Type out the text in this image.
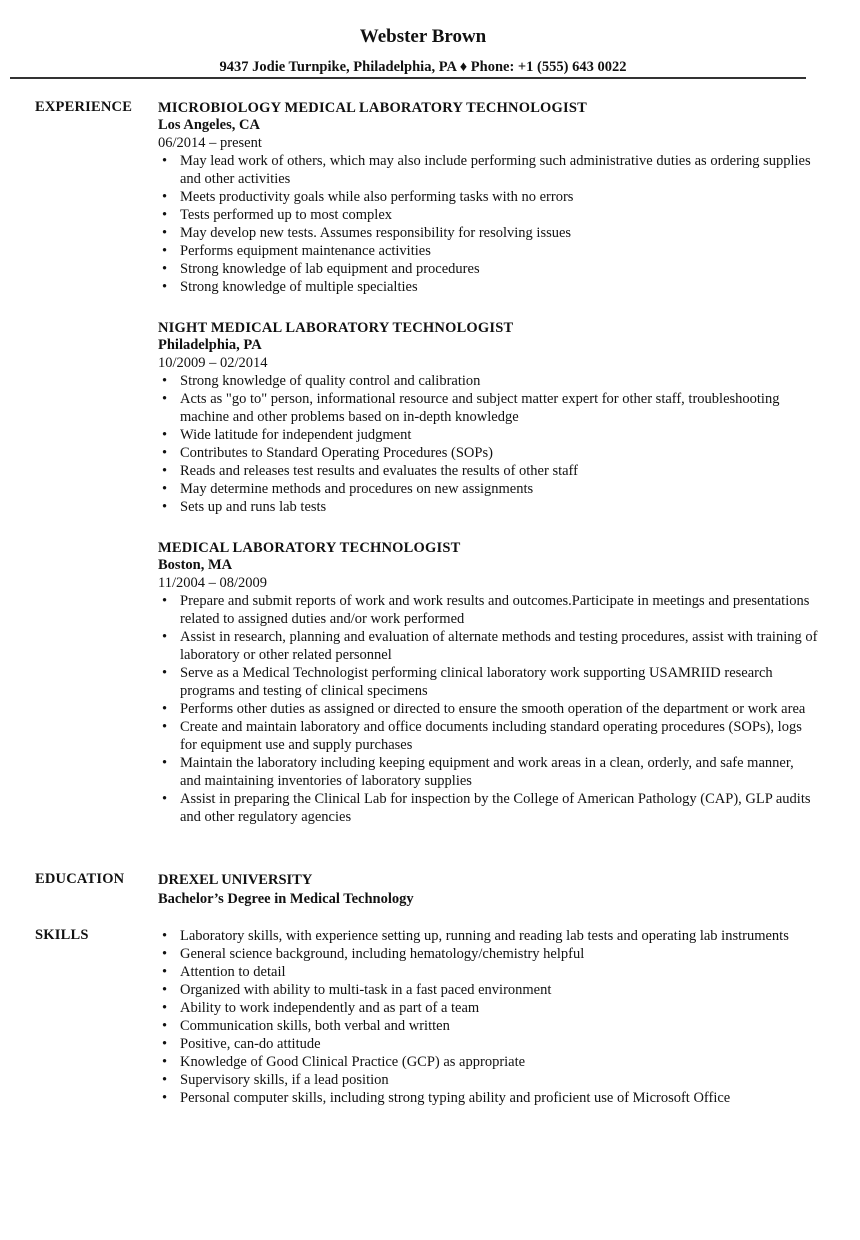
Webster Brown
9437 Jodie Turnpike, Philadelphia, PA ♦ Phone: +1 (555) 643 0022
EXPERIENCE MICROBIOLOGY MEDICAL LABORATORY TECHNOLOGIST
Los Angeles, CA
06/2014 – present
• May lead work of others, which may also include performing such administrative duties as ordering supplies and other activities
• Meets productivity goals while also performing tasks with no errors
• Tests performed up to most complex
• May develop new tests. Assumes responsibility for resolving issues
• Performs equipment maintenance activities
• Strong knowledge of lab equipment and procedures
• Strong knowledge of multiple specialties
NIGHT MEDICAL LABORATORY TECHNOLOGIST
Philadelphia, PA
10/2009 – 02/2014
• Strong knowledge of quality control and calibration
• Acts as "go to" person, informational resource and subject matter expert for other staff, troubleshooting machine and other problems based on in-depth knowledge
• Wide latitude for independent judgment
• Contributes to Standard Operating Procedures (SOPs)
• Reads and releases test results and evaluates the results of other staff
• May determine methods and procedures on new assignments
• Sets up and runs lab tests
MEDICAL LABORATORY TECHNOLOGIST
Boston, MA
11/2004 – 08/2009
• Prepare and submit reports of work and work results and outcomes.Participate in meetings and presentations related to assigned duties and/or work performed
• Assist in research, planning and evaluation of alternate methods and testing procedures, assist with training of laboratory or other related personnel
• Serve as a Medical Technologist performing clinical laboratory work supporting USAMRIID research programs and testing of clinical specimens
• Performs other duties as assigned or directed to ensure the smooth operation of the department or work area
• Create and maintain laboratory and office documents including standard operating procedures (SOPs), logs for equipment use and supply purchases
• Maintain the laboratory including keeping equipment and work areas in a clean, orderly, and safe manner, and maintaining inventories of laboratory supplies
• Assist in preparing the Clinical Lab for inspection by the College of American Pathology (CAP), GLP audits and other regulatory agencies
EDUCATION DREXEL UNIVERSITY
Bachelor’s Degree in Medical Technology
SKILLS	• Laboratory skills, with experience setting up, running and reading lab tests and operating lab instruments
• General science background, including hematology/chemistry helpful
• Attention to detail
• Organized with ability to multi-task in a fast paced environment
• Ability to work independently and as part of a team
• Communication skills, both verbal and written
• Positive, can-do attitude
• Knowledge of Good Clinical Practice (GCP) as appropriate
• Supervisory skills, if a lead position
• Personal computer skills, including strong typing ability and proficient use of Microsoft Office
